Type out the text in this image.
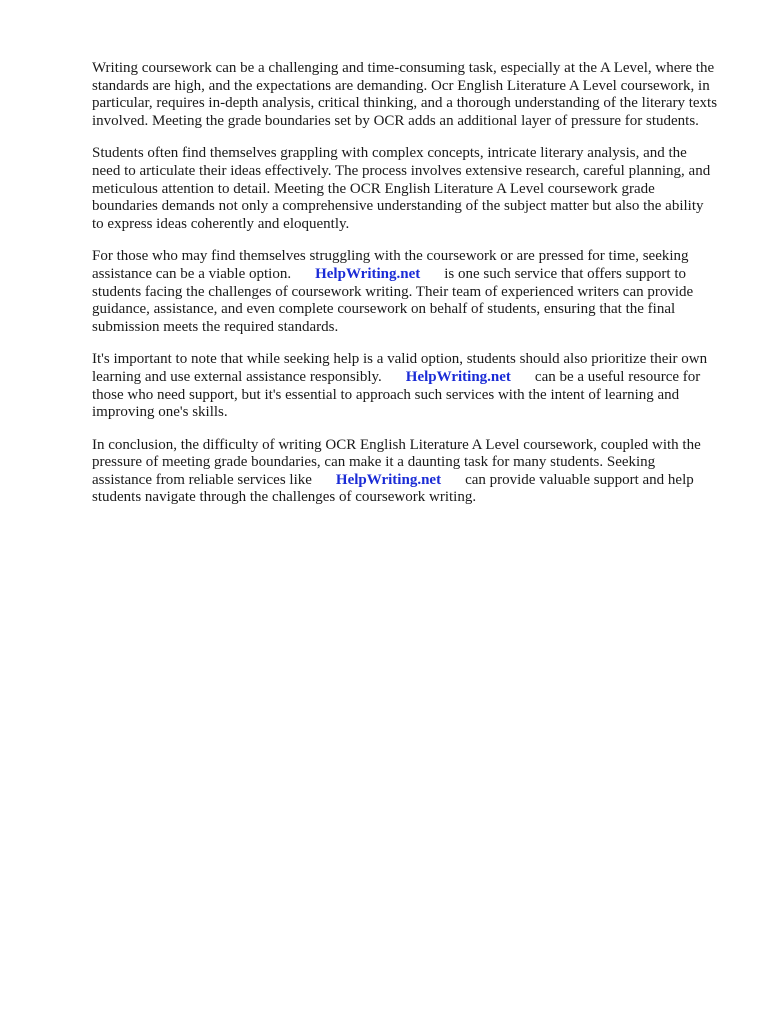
Writing coursework can be a challenging and time-consuming task, especially at the A Level, where the standards are high, and the expectations are demanding. Ocr English Literature A Level coursework, in particular, requires in-depth analysis, critical thinking, and a thorough understanding of the literary texts involved. Meeting the grade boundaries set by OCR adds an additional layer of pressure for students.

Students often find themselves grappling with complex concepts, intricate literary analysis, and the need to articulate their ideas effectively. The process involves extensive research, careful planning, and meticulous attention to detail. Meeting the OCR English Literature A Level coursework grade boundaries demands not only a comprehensive understanding of the subject matter but also the ability to express ideas coherently and eloquently.

For those who may find themselves struggling with the coursework or are pressed for time, seeking assistance can be a viable option. HelpWriting.net is one such service that offers support to students facing the challenges of coursework writing. Their team of experienced writers can provide guidance, assistance, and even complete coursework on behalf of students, ensuring that the final submission meets the required standards.

It's important to note that while seeking help is a valid option, students should also prioritize their own learning and use external assistance responsibly. HelpWriting.net can be a useful resource for those who need support, but it's essential to approach such services with the intent of learning and improving one's skills.

In conclusion, the difficulty of writing OCR English Literature A Level coursework, coupled with the pressure of meeting grade boundaries, can make it a daunting task for many students. Seeking assistance from reliable services like HelpWriting.net can provide valuable support and help students navigate through the challenges of coursework writing.
